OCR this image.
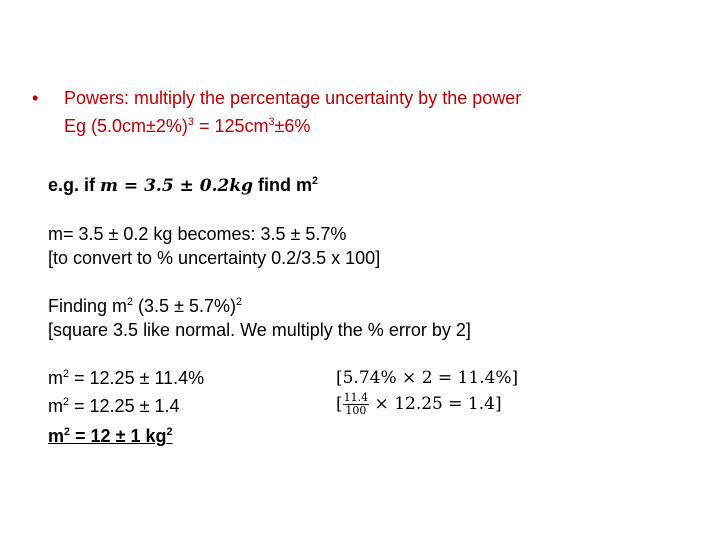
• Powers: multiply the percentage uncertainty by the power
Eg $(5.0cm\pm 2\%)^3 = 125cm^3\pm 6\%$
e.g. if m = 3.5 ± 0.2kg find $m^2$
m= 3.5 ± 0.2 kg becomes: 3.5 ± 5.7%
[to convert to % uncertainty 0.2/3.5 x 100]
Finding $m^2$ $(3.5 \pm 5.7\%)^2$
[square 3.5 like normal. We multiply the % error by 2]
$m^2 = 12.25 \pm 11.4\%$
$m^2 = 12.25 \pm 1.4$
$m^2 = 12 \pm 1$ $kg^2$
[5.74% × 2 = 11.4%]
[ $\frac{11.4}{100} \times 12.25 = 1.4$]
